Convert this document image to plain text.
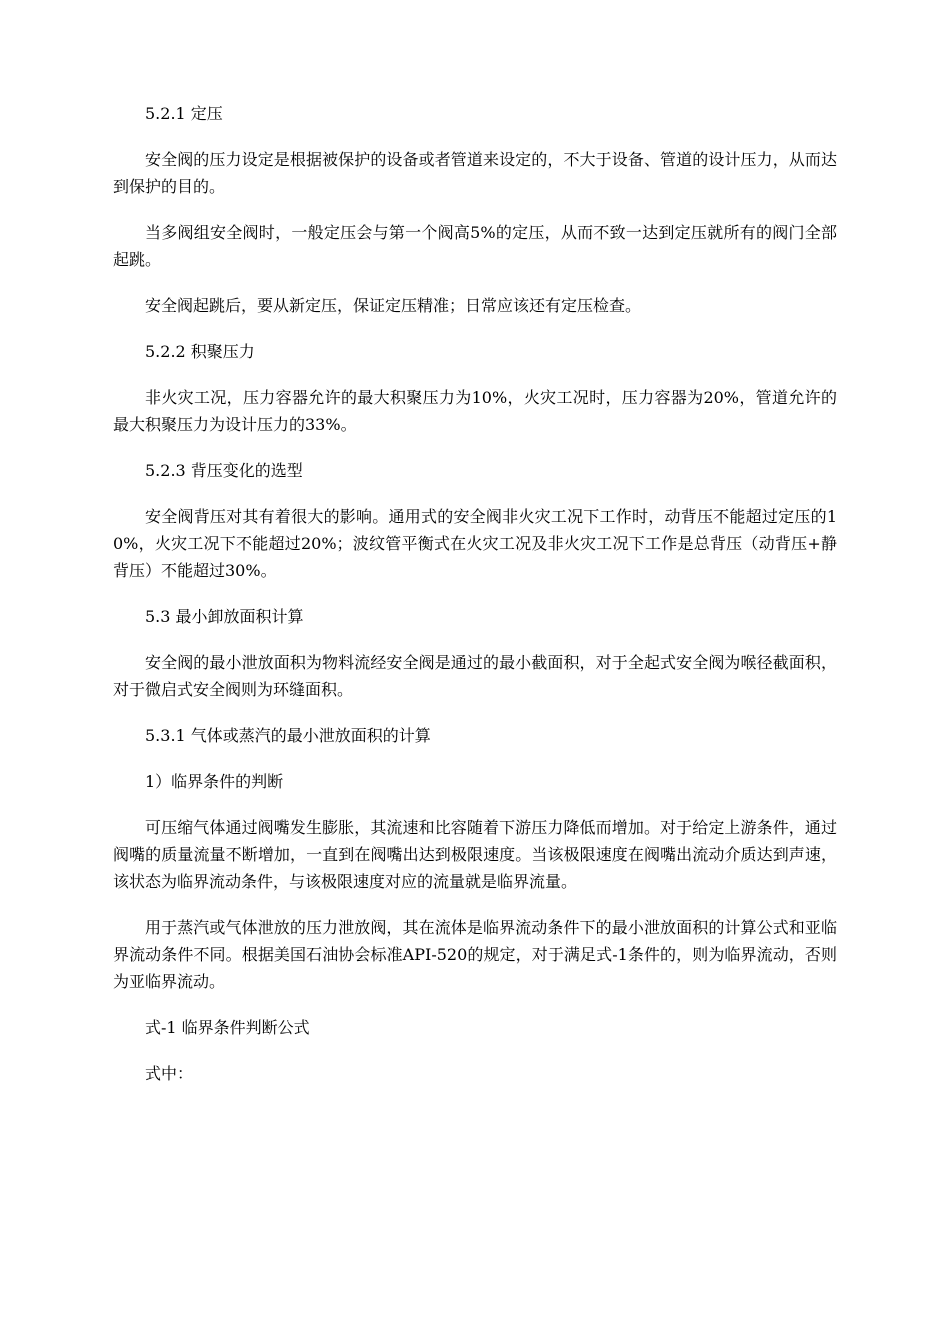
5.2.1 定压

安全阀的压力设定是根据被保护的设备或者管道来设定的，不大于设备、管道的设计压力，从而达到保护的目的。

当多阀组安全阀时，一般定压会与第一个阀高5%的定压，从而不致一达到定压就所有的阀门全部起跳。

安全阀起跳后，要从新定压，保证定压精准；日常应该还有定压检查。

5.2.2 积聚压力

非火灾工况，压力容器允许的最大积聚压力为10%，火灾工况时，压力容器为20%，管道允许的最大积聚压力为设计压力的33%。

5.2.3 背压变化的选型

安全阀背压对其有着很大的影响。通用式的安全阀非火灾工况下工作时，动背压不能超过定压的10%，火灾工况下不能超过20%；波纹管平衡式在火灾工况及非火灾工况下工作是总背压（动背压+静背压）不能超过30%。

5.3 最小卸放面积计算

安全阀的最小泄放面积为物料流经安全阀是通过的最小截面积，对于全起式安全阀为喉径截面积，对于微启式安全阀则为环缝面积。

5.3.1 气体或蒸汽的最小泄放面积的计算

1）临界条件的判断

可压缩气体通过阀嘴发生膨胀，其流速和比容随着下游压力降低而增加。对于给定上游条件，通过阀嘴的质量流量不断增加，一直到在阀嘴出达到极限速度。当该极限速度在阀嘴出流动介质达到声速，该状态为临界流动条件，与该极限速度对应的流量就是临界流量。

用于蒸汽或气体泄放的压力泄放阀，其在流体是临界流动条件下的最小泄放面积的计算公式和亚临界流动条件不同。根据美国石油协会标准API-520的规定，对于满足式-1条件的，则为临界流动，否则为亚临界流动。

式-1 临界条件判断公式

式中：
